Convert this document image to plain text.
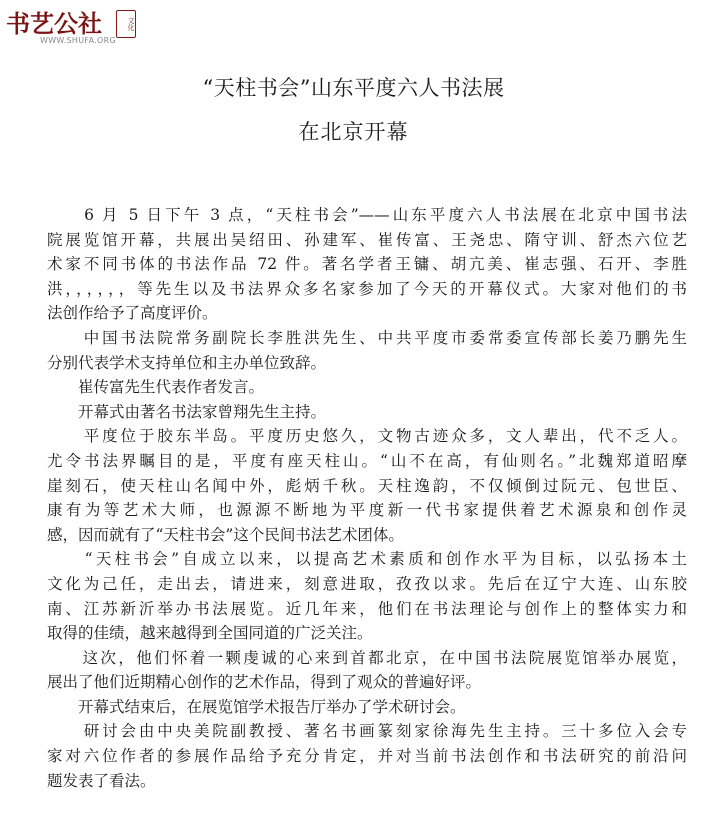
书艺公社	文化
WWW.SHUFA.ORG
“天柱书会”山东平度六人书法展
在北京开幕
　　6 月 5 日下午 3 点，“天柱书会”——山东平度六人书法展在北京中国书法
院展览馆开幕，共展出吴绍田、孙建军、崔传富、王尧忠、隋守训、舒杰六位艺
术家不同书体的书法作品 72 件。著名学者王镛、胡亢美、崔志强、石开、李胜
洪，，，，，，等先生以及书法界众多名家参加了今天的开幕仪式。大家对他们的书
法创作给予了高度评价。
　　中国书法院常务副院长李胜洪先生、中共平度市委常委宣传部长姜乃鹏先生
分别代表学术支持单位和主办单位致辞。
　　崔传富先生代表作者发言。
　　开幕式由著名书法家曾翔先生主持。
　　平度位于胶东半岛。平度历史悠久，文物古迹众多，文人辈出，代不乏人。
尤令书法界瞩目的是，平度有座天柱山。“山不在高，有仙则名。”北魏郑道昭摩
崖刻石，使天柱山名闻中外，彪炳千秋。天柱逸韵，不仅倾倒过阮元、包世臣、
康有为等艺术大师，也源源不断地为平度新一代书家提供着艺术源泉和创作灵
感，因而就有了“天柱书会”这个民间书法艺术团体。
　　“天柱书会”自成立以来，以提高艺术素质和创作水平为目标，以弘扬本土
文化为己任，走出去，请进来，刻意进取，孜孜以求。先后在辽宁大连、山东胶
南、江苏新沂举办书法展览。近几年来，他们在书法理论与创作上的整体实力和
取得的佳绩，越来越得到全国同道的广泛关注。
　　这次，他们怀着一颗虔诚的心来到首都北京，在中国书法院展览馆举办展览，
展出了他们近期精心创作的艺术作品，得到了观众的普遍好评。
　　开幕式结束后，在展览馆学术报告厅举办了学术研讨会。
　　研讨会由中央美院副教授、著名书画篆刻家徐海先生主持。三十多位入会专
家对六位作者的参展作品给予充分肯定，并对当前书法创作和书法研究的前沿问
题发表了看法。
